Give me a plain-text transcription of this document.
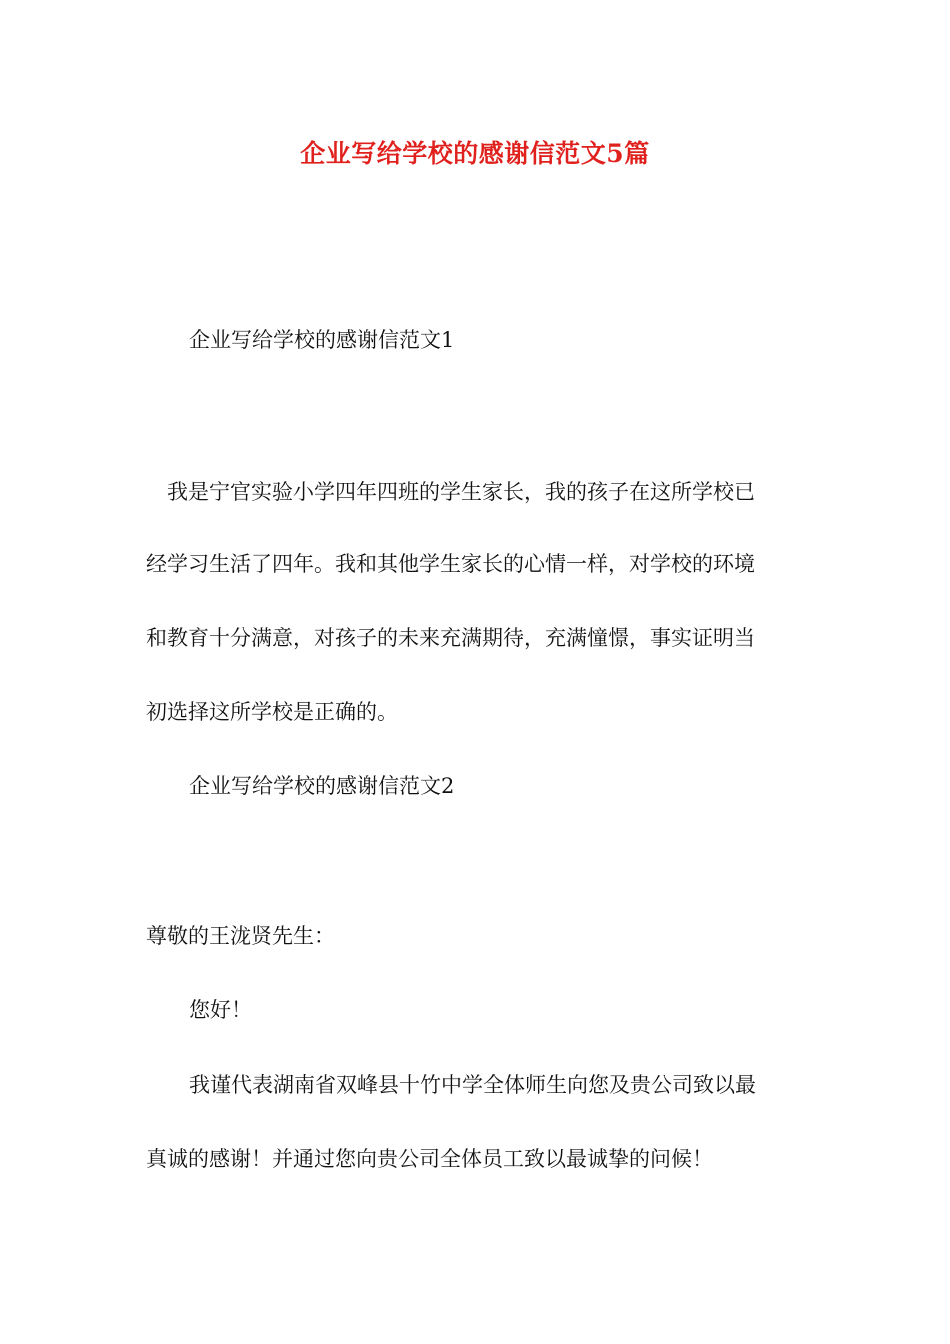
企业写给学校的感谢信范文5篇
企业写给学校的感谢信范文1
我是宁官实验小学四年四班的学生家长，我的孩子在这所学校已
经学习生活了四年。我和其他学生家长的心情一样，对学校的环境
和教育十分满意，对孩子的未来充满期待，充满憧憬，事实证明当
初选择这所学校是正确的。
企业写给学校的感谢信范文2
尊敬的王泷贤先生：
您好！
我谨代表湖南省双峰县十竹中学全体师生向您及贵公司致以最
真诚的感谢！并通过您向贵公司全体员工致以最诚挚的问候！
